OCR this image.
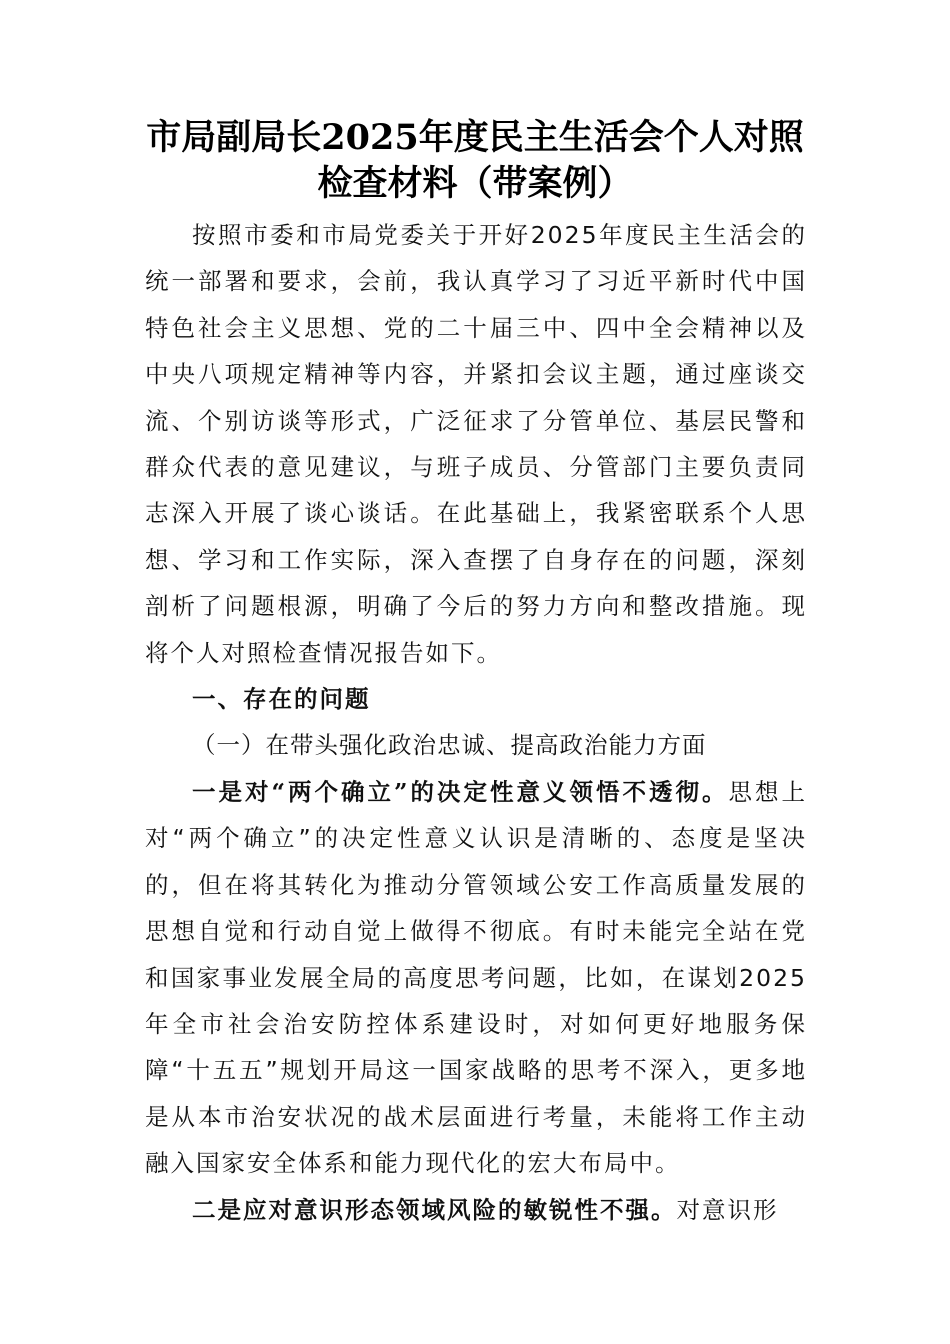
市局副局长2025年度民主生活会个人对照
检查材料（带案例）

按照市委和市局党委关于开好2025年度民主生活会的统一部署和要求，会前，我认真学习了习近平新时代中国特色社会主义思想、党的二十届三中、四中全会精神以及中央八项规定精神等内容，并紧扣会议主题，通过座谈交流、个别访谈等形式，广泛征求了分管单位、基层民警和群众代表的意见建议，与班子成员、分管部门主要负责同志深入开展了谈心谈话。在此基础上，我紧密联系个人思想、学习和工作实际，深入查摆了自身存在的问题，深刻剖析了问题根源，明确了今后的努力方向和整改措施。现将个人对照检查情况报告如下。

一、存在的问题

（一）在带头强化政治忠诚、提高政治能力方面

一是对“两个确立”的决定性意义领悟不透彻。思想上对“两个确立”的决定性意义认识是清晰的、态度是坚决的，但在将其转化为推动分管领域公安工作高质量发展的思想自觉和行动自觉上做得不彻底。有时未能完全站在党和国家事业发展全局的高度思考问题，比如，在谋划2025年全市社会治安防控体系建设时，对如何更好地服务保障“十五五”规划开局这一国家战略的思考不深入，更多地是从本市治安状况的战术层面进行考量，未能将工作主动融入国家安全体系和能力现代化的宏大布局中。

二是应对意识形态领域风险的敏锐性不强。对意识形
